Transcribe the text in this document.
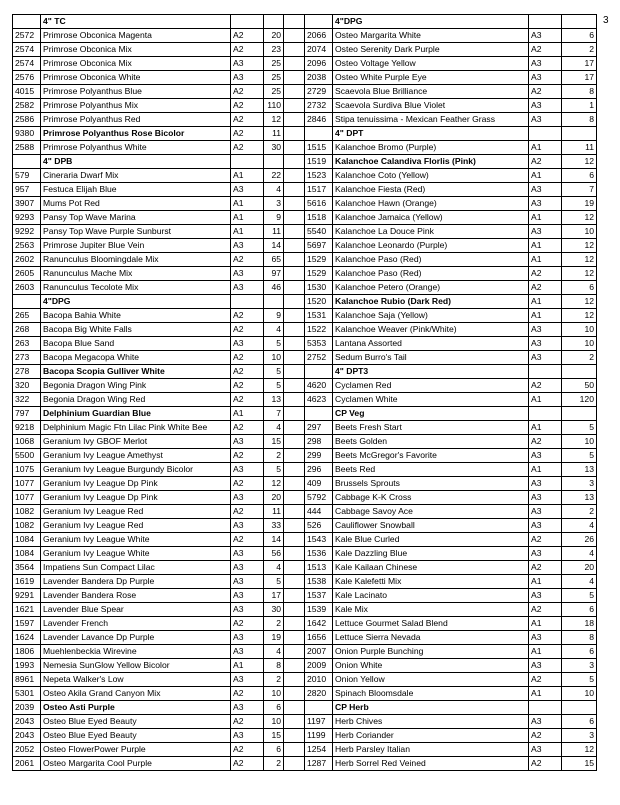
3
	4" TC					4"DPG		
2572	Primrose Obconica Magenta	A2	20		2066	Osteo Margarita White	A3	6
2574	Primrose Obconica Mix	A2	23		2074	Osteo Serenity Dark Purple	A2	2
2574	Primrose Obconica Mix	A3	25		2096	Osteo Voltage Yellow	A3	17
2576	Primrose Obconica White	A3	25		2038	Osteo White Purple Eye	A3	17
4015	Primrose Polyanthus Blue	A2	25		2729	Scaevola Blue Brilliance	A2	8
2582	Primrose Polyanthus Mix	A2	110		2732	Scaevola Surdiva Blue Violet	A3	1
2586	Primrose Polyanthus Red	A2	12		2846	Stipa tenuissima - Mexican Feather Grass	A3	8
9380	Primrose Polyanthus Rose Bicolor	A2	11			4" DPT		
2588	Primrose Polyanthus White	A2	30		1515	Kalanchoe Bromo (Purple)	A1	11
	4" DPB				1519	Kalanchoe Calandiva Florlis (Pink)	A2	12
579	Cineraria Dwarf Mix	A1	22		1523	Kalanchoe Coto (Yellow)	A1	6
957	Festuca Elijah Blue	A3	4		1517	Kalanchoe Fiesta (Red)	A3	7
3907	Mums Pot Red	A1	3		5616	Kalanchoe Hawn (Orange)	A3	19
9293	Pansy Top Wave Marina	A1	9		1518	Kalanchoe Jamaica (Yellow)	A1	12
9292	Pansy Top Wave Purple Sunburst	A1	11		5540	Kalanchoe La Douce Pink	A3	10
2563	Primrose Jupiter Blue Vein	A3	14		5697	Kalanchoe Leonardo (Purple)	A1	12
2602	Ranunculus Bloomingdale Mix	A2	65		1529	Kalanchoe Paso (Red)	A1	12
2605	Ranunculus Mache Mix	A3	97		1529	Kalanchoe Paso (Red)	A2	12
2603	Ranunculus Tecolote Mix	A3	46		1530	Kalanchoe Petero (Orange)	A2	6
	4"DPG				1520	Kalanchoe Rubio (Dark Red)	A1	12
265	Bacopa Bahia White	A2	9		1531	Kalanchoe Saja (Yellow)	A1	12
268	Bacopa Big White Falls	A2	4		1522	Kalanchoe Weaver (Pink/White)	A3	10
263	Bacopa Blue Sand	A3	5		5353	Lantana Assorted	A3	10
273	Bacopa Megacopa White	A2	10		2752	Sedum Burro's Tail	A3	2
278	Bacopa Scopia Gulliver White	A2	5			4" DPT3		
320	Begonia Dragon Wing Pink	A2	5		4620	Cyclamen Red	A2	50
322	Begonia Dragon Wing Red	A2	13		4623	Cyclamen White	A1	120
797	Delphinium Guardian Blue	A1	7			CP Veg		
9218	Delphinium Magic Ftn Lilac Pink White Bee	A2	4		297	Beets Fresh Start	A1	5
1068	Geranium Ivy GBOF Merlot	A3	15		298	Beets Golden	A2	10
5500	Geranium Ivy League Amethyst	A2	2		299	Beets McGregor's Favorite	A3	5
1075	Geranium Ivy League Burgundy Bicolor	A3	5		296	Beets Red	A1	13
1077	Geranium Ivy League Dp Pink	A2	12		409	Brussels Sprouts	A3	3
1077	Geranium Ivy League Dp Pink	A3	20		5792	Cabbage K-K Cross	A3	13
1082	Geranium Ivy League Red	A2	11		444	Cabbage Savoy Ace	A3	2
1082	Geranium Ivy League Red	A3	33		526	Cauliflower Snowball	A3	4
1084	Geranium Ivy League White	A2	14		1543	Kale Blue Curled	A2	26
1084	Geranium Ivy League White	A3	56		1536	Kale Dazzling Blue	A3	4
3564	Impatiens Sun Compact Lilac	A3	4		1513	Kale Kailaan Chinese	A2	20
1619	Lavender Bandera Dp Purple	A3	5		1538	Kale Kalefetti Mix	A1	4
9291	Lavender Bandera Rose	A3	17		1537	Kale Lacinato	A3	5
1621	Lavender Blue Spear	A3	30		1539	Kale Mix	A2	6
1597	Lavender French	A2	2		1642	Lettuce Gourmet Salad Blend	A1	18
1624	Lavender Lavance Dp Purple	A3	19		1656	Lettuce Sierra Nevada	A3	8
1806	Muehlenbeckia Wirevine	A3	4		2007	Onion Purple Bunching	A1	6
1993	Nemesia SunGlow Yellow Bicolor	A1	8		2009	Onion White	A3	3
8961	Nepeta Walker's Low	A3	2		2010	Onion Yellow	A2	5
5301	Osteo Akila Grand Canyon Mix	A2	10		2820	Spinach Bloomsdale	A1	10
2039	Osteo Asti Purple	A3	6			CP Herb		
2043	Osteo Blue Eyed Beauty	A2	10		1197	Herb Chives	A3	6
2043	Osteo Blue Eyed Beauty	A3	15		1199	Herb Coriander	A2	3
2052	Osteo FlowerPower Purple	A2	6		1254	Herb Parsley Italian	A3	12
2061	Osteo Margarita Cool Purple	A2	2		1287	Herb Sorrel Red Veined	A2	15
